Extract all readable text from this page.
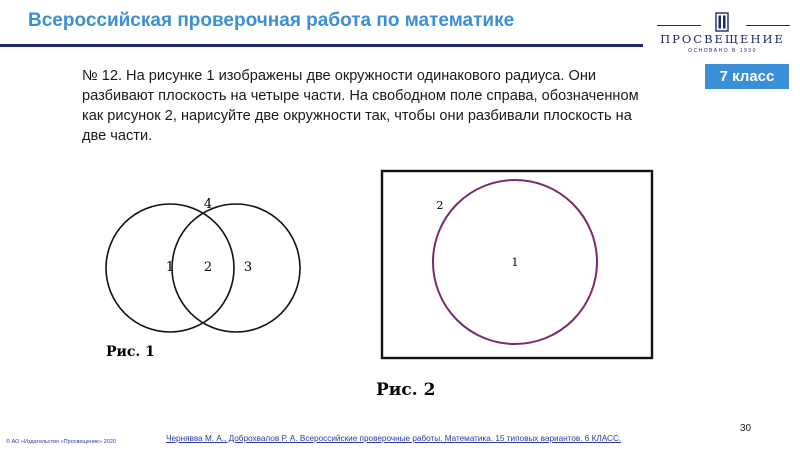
Всероссийская проверочная работа по математике
ПРОСВЕЩЕНИЕ
ОСНОВАНО В 1930
7 класс
№ 12. На рисунке 1 изображены две окружности одинакового радиуса. Они разбивают плоскость на четыре части. На свободном поле справа, обозначенном как рисунок 2, нарисуйте две окружности так, чтобы они разбивали плоскость на две части.
1 2 3
4
Рис. 1
2
1
Рис. 2
30
Чернявва М. А., Доброхвалов Р. А. Всероссийские проверочные работы. Математика. 15 типовых вариантов. 6 КЛАСС.
© АО «Издательство «Просвещение» 2020
